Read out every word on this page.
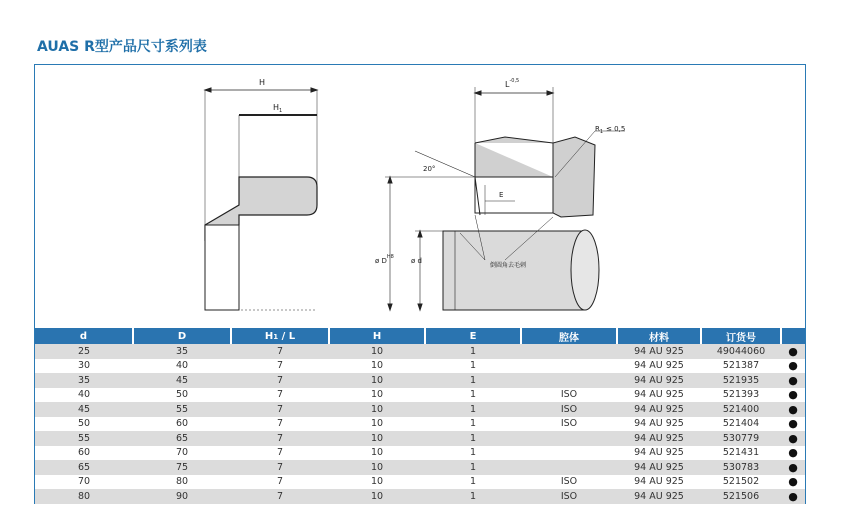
AUAS R型产品尺寸系列表
H
$H_1$
$L^{-0,5}$
$R_1 \le 0,5$
20°
E
ø $D^{H8}$ ø d
倒圆角去毛刺
d	D	H1 / L	H	E	腔体	材料	订货号	
25	35	7	10	1		94 AU 925	49044060	●
30	40	7	10	1		94 AU 925	521387	●
35	45	7	10	1		94 AU 925	521935	●
40	50	7	10	1	ISO	94 AU 925	521393	●
45	55	7	10	1	ISO	94 AU 925	521400	●
50	60	7	10	1	ISO	94 AU 925	521404	●
55	65	7	10	1		94 AU 925	530779	●
60	70	7	10	1		94 AU 925	521431	●
65	75	7	10	1		94 AU 925	530783	●
70	80	7	10	1	ISO	94 AU 925	521502	●
80	90	7	10	1	ISO	94 AU 925	521506	●
